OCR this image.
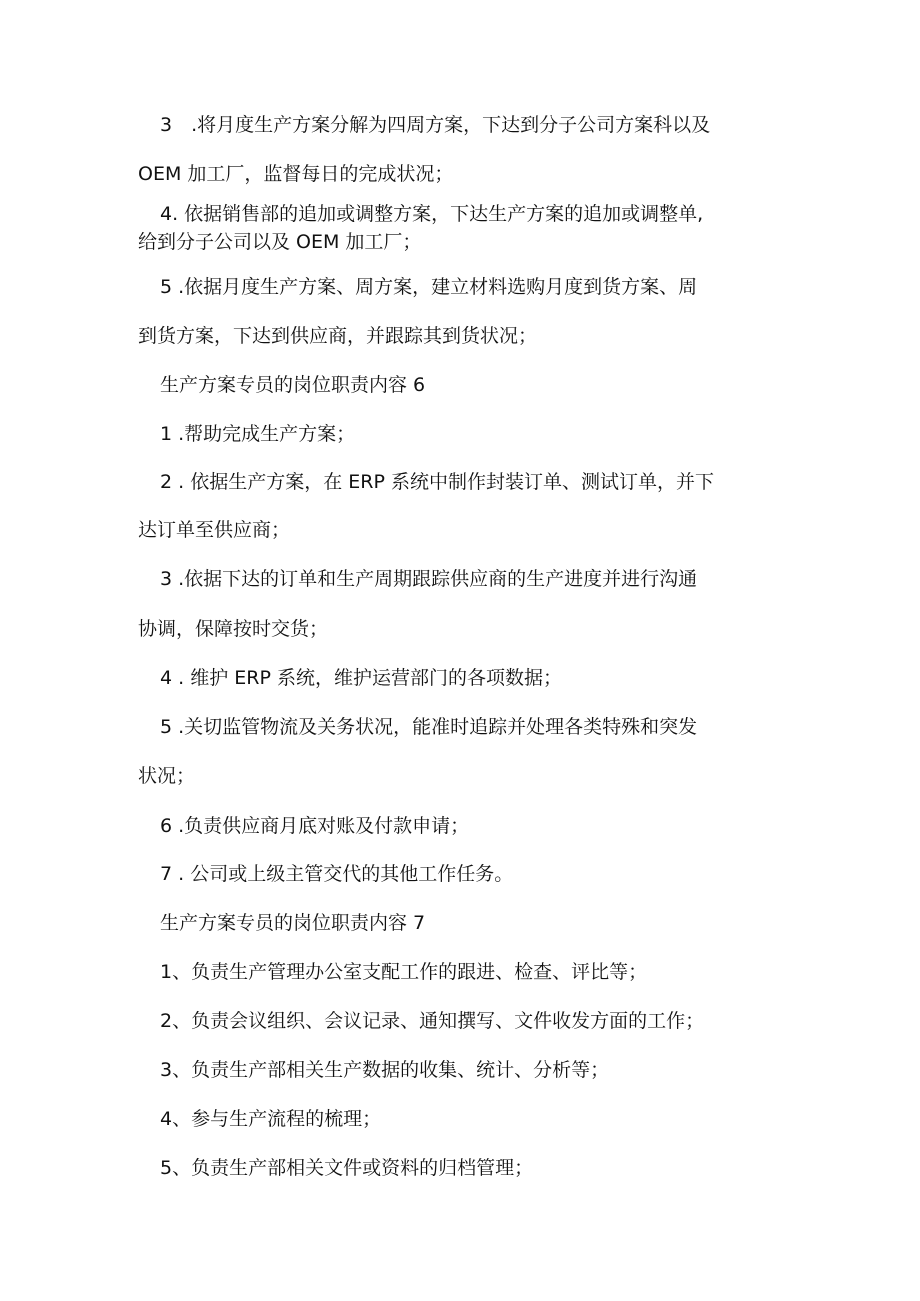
3　.将月度生产方案分解为四周方案，下达到分子公司方案科以及
OEM 加工厂，监督每日的完成状况；
4. 依据销售部的追加或调整方案，下达生产方案的追加或调整单,
给到分子公司以及 OEM 加工厂；
5 .依据月度生产方案、周方案，建立材料选购月度到货方案、周
到货方案，下达到供应商，并跟踪其到货状况；
生产方案专员的岗位职责内容 6
1 .帮助完成生产方案；
2 . 依据生产方案，在 ERP 系统中制作封装订单、测试订单，并下
达订单至供应商；
3 .依据下达的订单和生产周期跟踪供应商的生产进度并进行沟通
协调，保障按时交货；
4 . 维护 ERP 系统，维护运营部门的各项数据；
5 .关切监管物流及关务状况，能准时追踪并处理各类特殊和突发
状况；
6 .负责供应商月底对账及付款申请；
7 . 公司或上级主管交代的其他工作任务。
生产方案专员的岗位职责内容 7
1、负责生产管理办公室支配工作的跟进、检查、评比等；
2、负责会议组织、会议记录、通知撰写、文件收发方面的工作；
3、负责生产部相关生产数据的收集、统计、分析等；
4、参与生产流程的梳理；
5、负责生产部相关文件或资料的归档管理；
